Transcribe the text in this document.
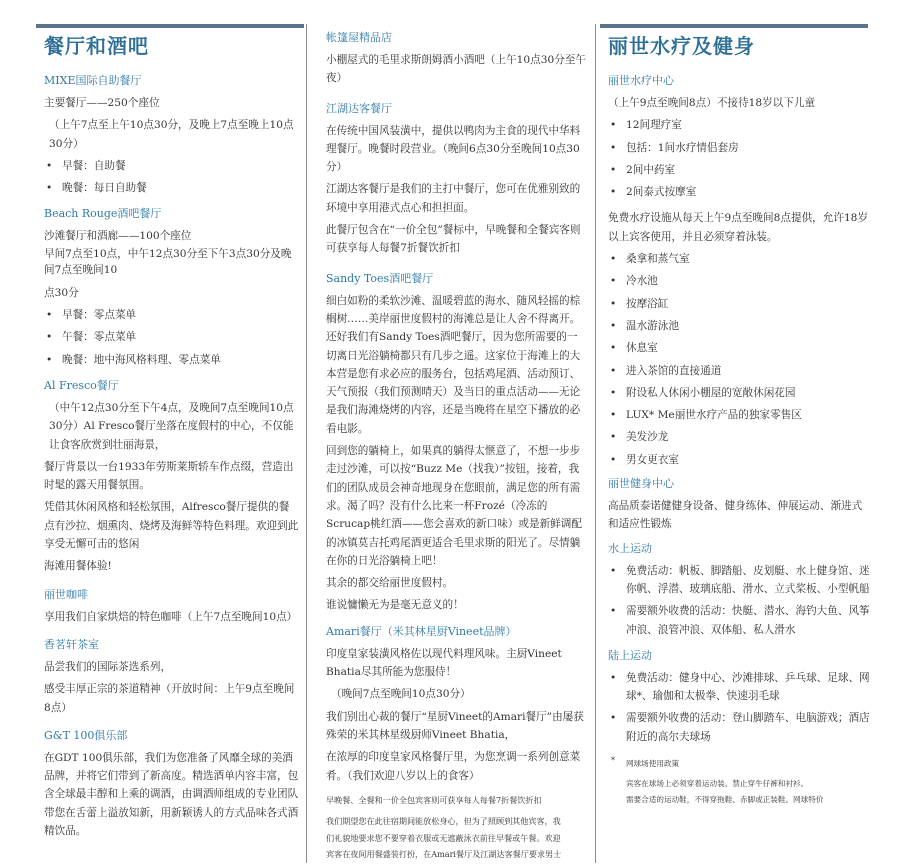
餐厅和酒吧
MIXE国际自助餐厅
主要餐厅——250个座位
（上午7点至上午10点30分，及晚上7点至晚上10点30分）
• 早餐：自助餐
• 晚餐：每日自助餐
Beach Rouge酒吧餐厅
沙滩餐厅和酒廊——100个座位
早间7点至10点，中午12点30分至下午3点30分及晚间7点至晚间10
点30分
• 早餐：零点菜单
• 午餐：零点菜单
• 晚餐：地中海风格料理、零点菜单
Al Fresco餐厅
（中午12点30分至下午4点，及晚间7点至晚间10点30分）Al Fresco餐厅坐落在度假村的中心，不仅能让食客欣赏到壮丽海景，
餐厅背景以一台1933年劳斯莱斯轿车作点缀，营造出时髦的露天用餐氛围。
凭借其休闲风格和轻松氛围，Alfresco餐厅提供的餐点有沙拉、烟熏肉、烧烤及海鲜等特色料理。欢迎到此享受无懈可击的悠闲
海滩用餐体验!
丽世咖啡
享用我们自家烘焙的特色咖啡（上午7点至晚间10点）
香茗轩茶室
品尝我们的国际茶选系列，
感受丰厚正宗的茶道精神（开放时间：上午9点至晚间8点）
G&T 100俱乐部
在GDT 100俱乐部，我们为您准备了风靡全球的美酒品牌，并将它们带到了新高度。精选酒单内容丰富，包含全球最丰醇和上乘的调酒，由调酒师组成的专业团队带您在舌蕾上溢放知新，用新颖诱人的方式品味各式酒精饮品。
帐篷屋精品店
小棚屋式的毛里求斯朗姆酒小酒吧（上午10点30分至午夜）
江湖达客餐厅
在传统中国风装潢中，提供以鸭肉为主食的现代中华料理餐厅。晚餐时段营业。（晚间6点30分至晚间10点30分）
江湖达客餐厅是我们的主打中餐厅，您可在优雅别致的环境中享用港式点心和担担面。
此餐厅包含在“一价全包”餐标中，早晚餐和全餐宾客则可获享每人每餐7折餐饮折扣
Sandy Toes酒吧餐厅
细白如粉的柔软沙滩、温暖碧蓝的海水、随风轻摇的棕榈树……美岸丽世度假村的海滩总是让人舍不得离开。还好我们有Sandy Toes酒吧餐厅，因为您所需要的一切离日光浴躺椅都只有几步之遥。这家位于海滩上的大本营是您有求必应的服务台，包括鸡尾酒、活动预订、天气预报（我们预测晴天）及当日的重点活动——无论是我们海滩烧烤的内容，还是当晚将在星空下播放的必看电影。
回到您的躺椅上，如果真的躺得太惬意了，不想一步步走过沙滩，可以按“Buzz Me（找我）”按钮，接着，我们的团队成员会神奇地现身在您眼前，满足您的所有需求。渴了吗？没有什么比来一杯Frozé（冷冻的Scrucap桃红酒——您会喜欢的新口味）或是新鲜调配的冰镇莫吉托鸡尾酒更适合毛里求斯的阳光了。尽情躺在你的日光浴躺椅上吧！
其余的都交给丽世度假村。
谁说慵懒无为是毫无意义的！
Amari餐厅（米其林星厨Vineet品牌）
印度皇家装潢风格佐以现代料理风味。主厨Vineet Bhatia尽其所能为您服侍！
（晚间7点至晚间10点30分）
我们别出心裁的餐厅“星厨Vineet的Amari餐厅”由屡获殊荣的米其林星级厨师Vineet Bhatia，
在浓厚的印度皇家风格餐厅里，为您烹调一系列创意菜肴。（我们欢迎八岁以上的食客）
早晚餐、全餐和一价全包宾客则可获享每人每餐7折餐饮折扣
我们期望您在此往宿期间能放松身心，但为了照顾到其他宾客，我
们礼貌地要求您不要穿着衣服或无遮蔽泳衣前往早餐或午餐。欢迎
宾客在夜间用餐盛装打扮，在Amari餐厅及江湖达客餐厅要求男士
丽世水疗及健身
丽世水疗中心
（上午9点至晚间8点）不接待18岁以下儿童
• 12间理疗室
• 包括：1间水疗情侣套房
• 2间中药室
• 2间泰式按摩室
免费水疗设施从每天上午9点至晚间8点提供，允许18岁以上宾客使用，并且必须穿着泳装。
• 桑拿和蒸气室
• 冷水池
• 按摩浴缸
• 温水游泳池
• 休息室
• 进入茶馆的直接通道
• 附设私人休闲小棚屋的宽敞休闲花园
• LUX* Me丽世水疗产品的独家零售区
• 美发沙龙
• 男女更衣室
丽世健身中心
高品质泰诺健健身设备、健身练体、伸展运动、渐进式和适应性锻炼
水上运动
• 免费活动：帆板、脚踏船、皮划艇、水上健身馆、迷你帆、浮潜、玻璃底船、滑水、立式桨板、小型帆船
• 需要额外收费的活动：快艇、潜水、海钓大鱼、风筝冲浪、浪管冲浪、双体船、私人滑水
陆上运动
• 免费活动：健身中心、沙滩排球、乒乓球、足球、网球*、瑜伽和太极拳、快速羽毛球
• 需要额外收费的活动：登山脚踏车、电脑游戏；酒店附近的高尔夫球场
* 网球场使用政策
宾客在球场上必须穿着运动装。禁止穿牛仔裤和衬衫。
需要合适的运动鞋，不得穿拖鞋、赤脚或正装鞋。网球特价
